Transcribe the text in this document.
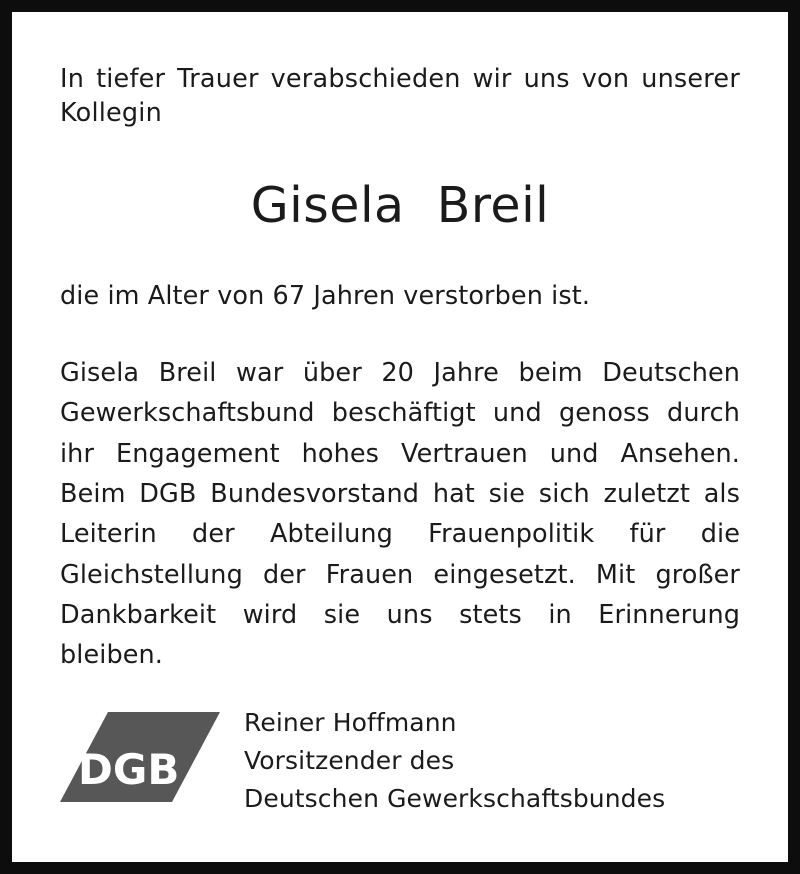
In tiefer Trauer verabschieden wir uns von unserer Kollegin

Gisela  Breil

die im Alter von 67 Jahren verstorben ist.

Gisela Breil war über 20 Jahre beim Deutschen Gewerkschaftsbund beschäftigt und genoss durch ihr Engagement hohes Vertrauen und Ansehen. Beim DGB Bundesvorstand hat sie sich zuletzt als Leiterin der Abteilung Frauenpolitik für die Gleichstellung der Frauen eingesetzt. Mit großer Dankbarkeit wird sie uns stets in Erinnerung bleiben.

DGB
Reiner Hoffmann
Vorsitzender des
Deutschen Gewerkschaftsbundes
